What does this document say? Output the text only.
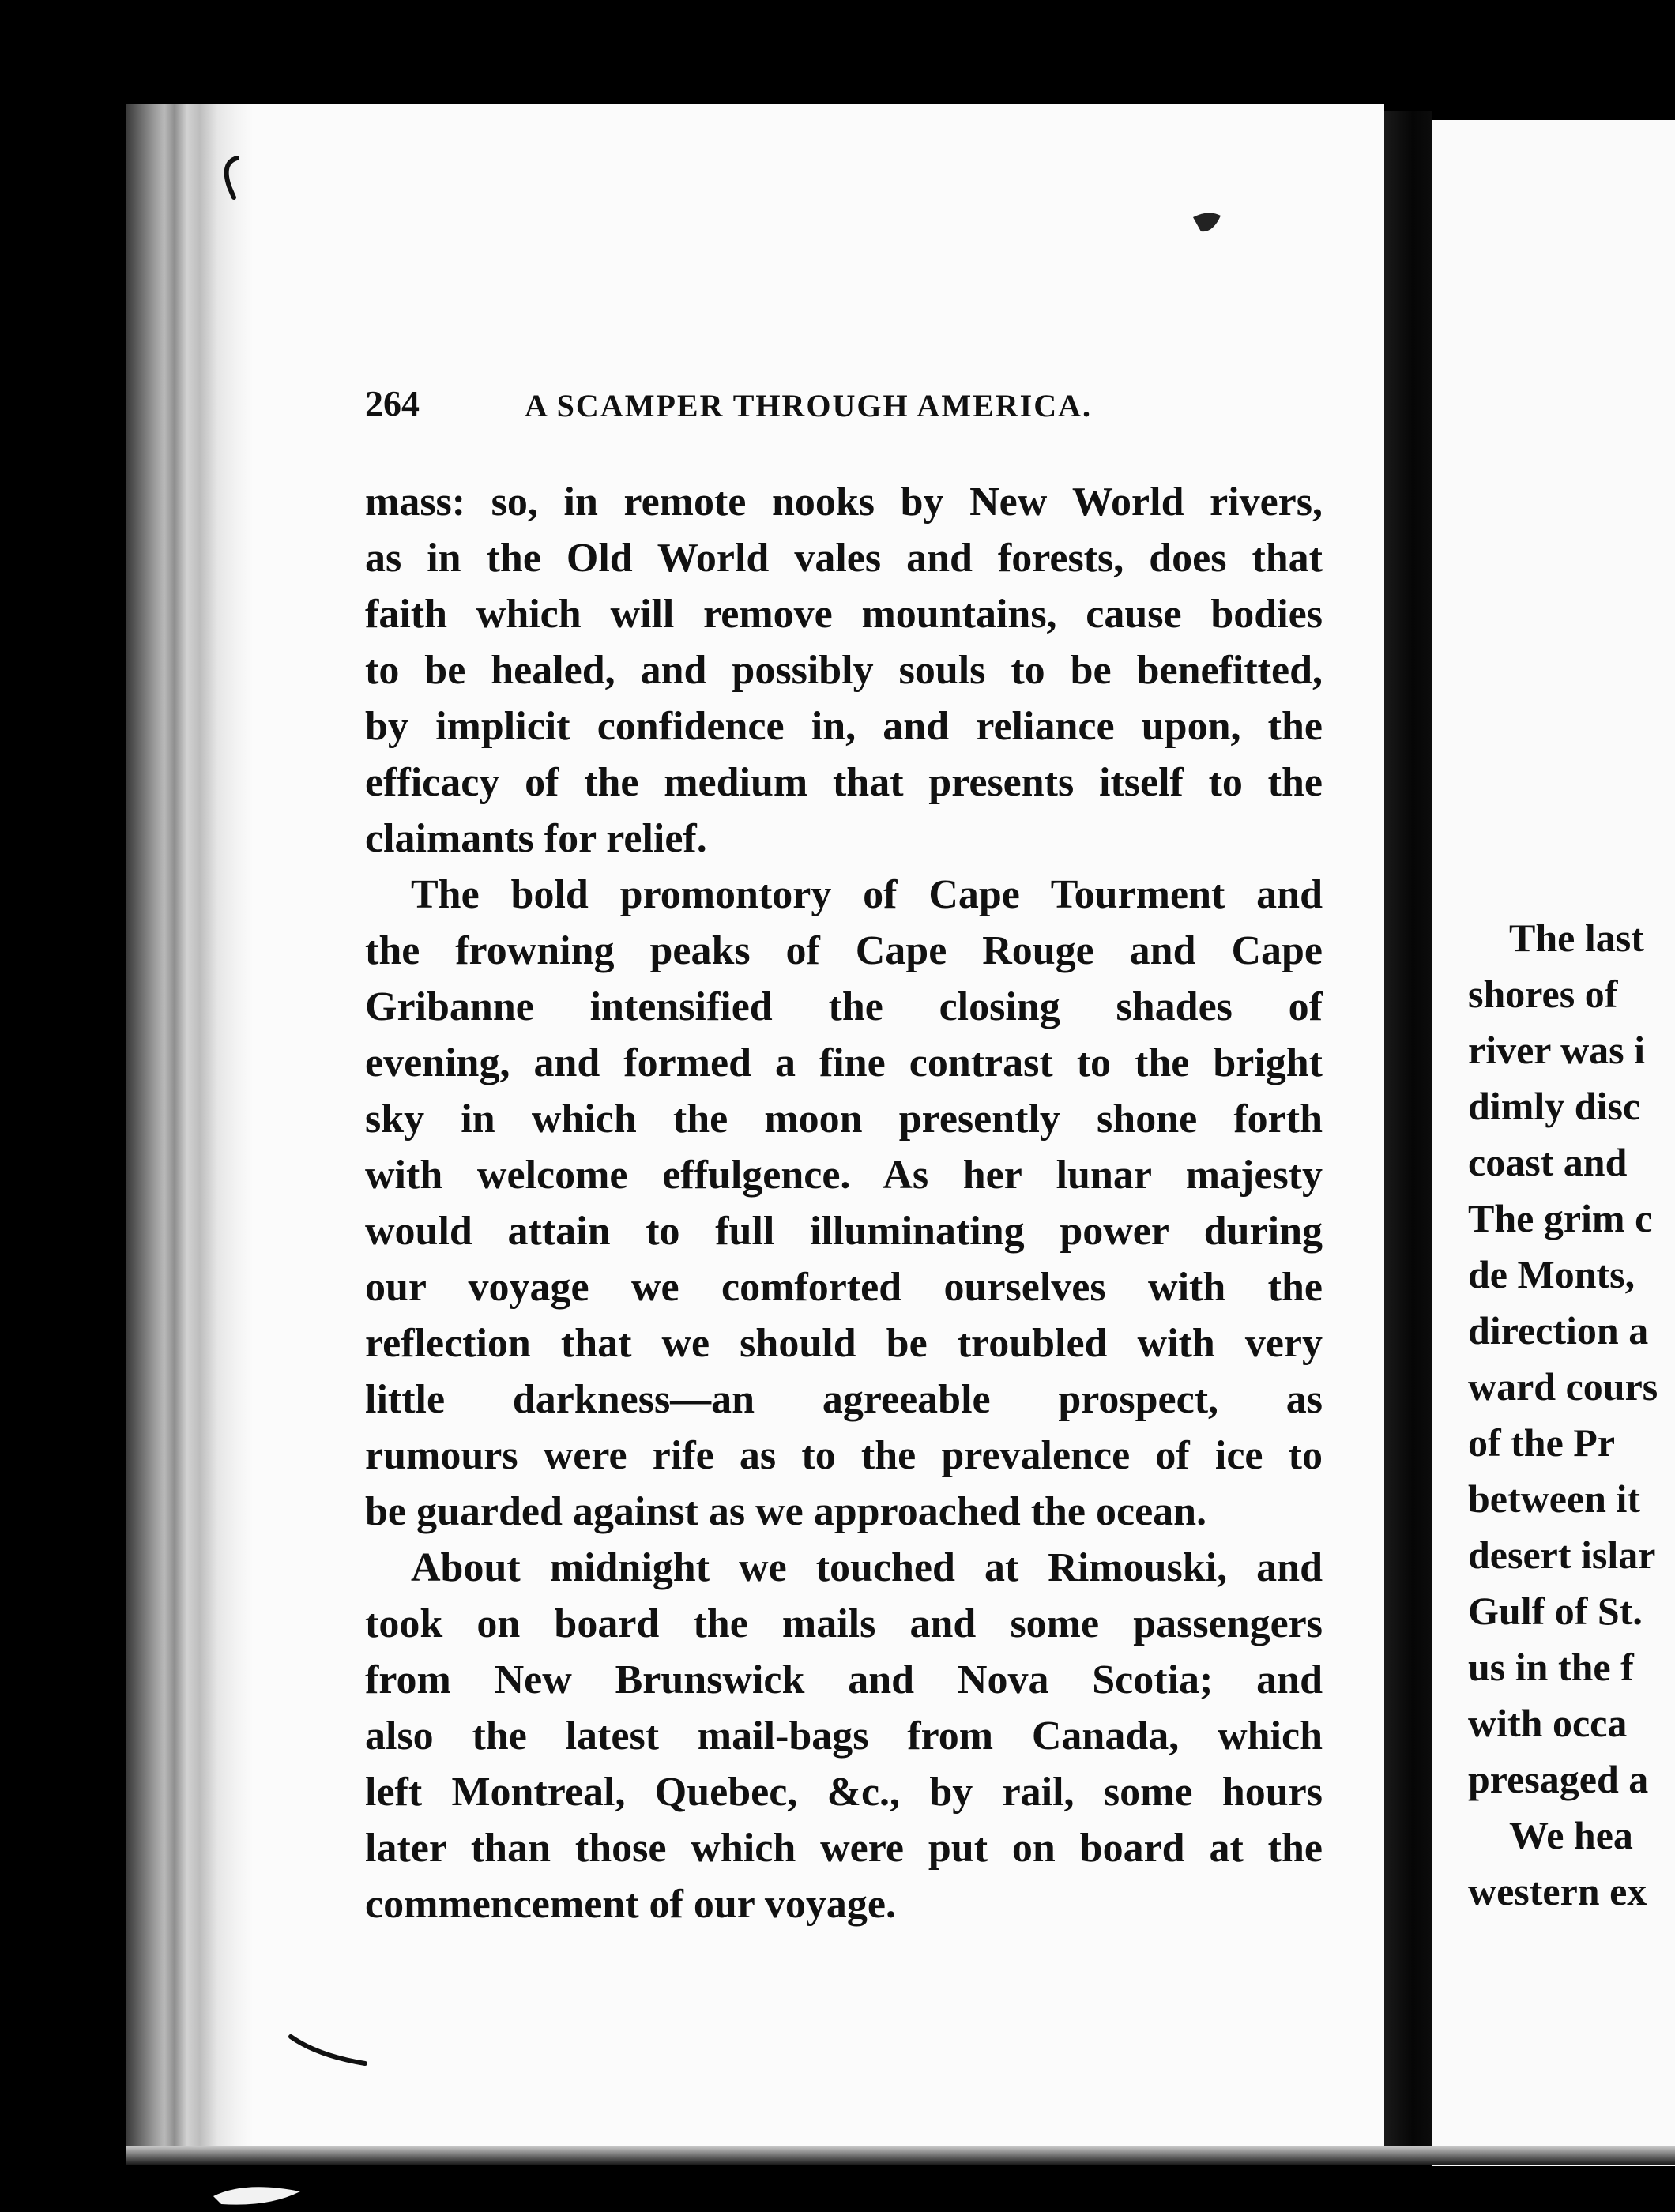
264	A SCAMPER THROUGH AMERICA.
mass: so, in remote nooks by New World rivers,
as in the Old World vales and forests, does that
faith which will remove mountains, cause bodies
to be healed, and possibly souls to be benefitted,
by implicit confidence in, and reliance upon, the
efficacy of the medium that presents itself to the
claimants for relief.
The bold promontory of Cape Tourment and
the frowning peaks of Cape Rouge and Cape
Gribanne intensified the closing shades of
evening, and formed a fine contrast to the bright
sky in which the moon presently shone forth
with welcome effulgence. As her lunar majesty
would attain to full illuminating power during
our voyage we comforted ourselves with the
reflection that we should be troubled with very
little darkness—an agreeable prospect, as
rumours were rife as to the prevalence of ice to
be guarded against as we approached the ocean.
About midnight we touched at Rimouski, and
took on board the mails and some passengers
from New Brunswick and Nova Scotia; and
also the latest mail-bags from Canada, which
left Montreal, Quebec, &c., by rail, some hours
later than those which were put on board at the
commencement of our voyage.
The last
shores of
river was i
dimly disc
coast and
The grim c
de Monts,
direction a
ward cours
of the Pr
between it
desert islar
Gulf of St.
us in the f
with occa
presaged a
We hea
western ex
